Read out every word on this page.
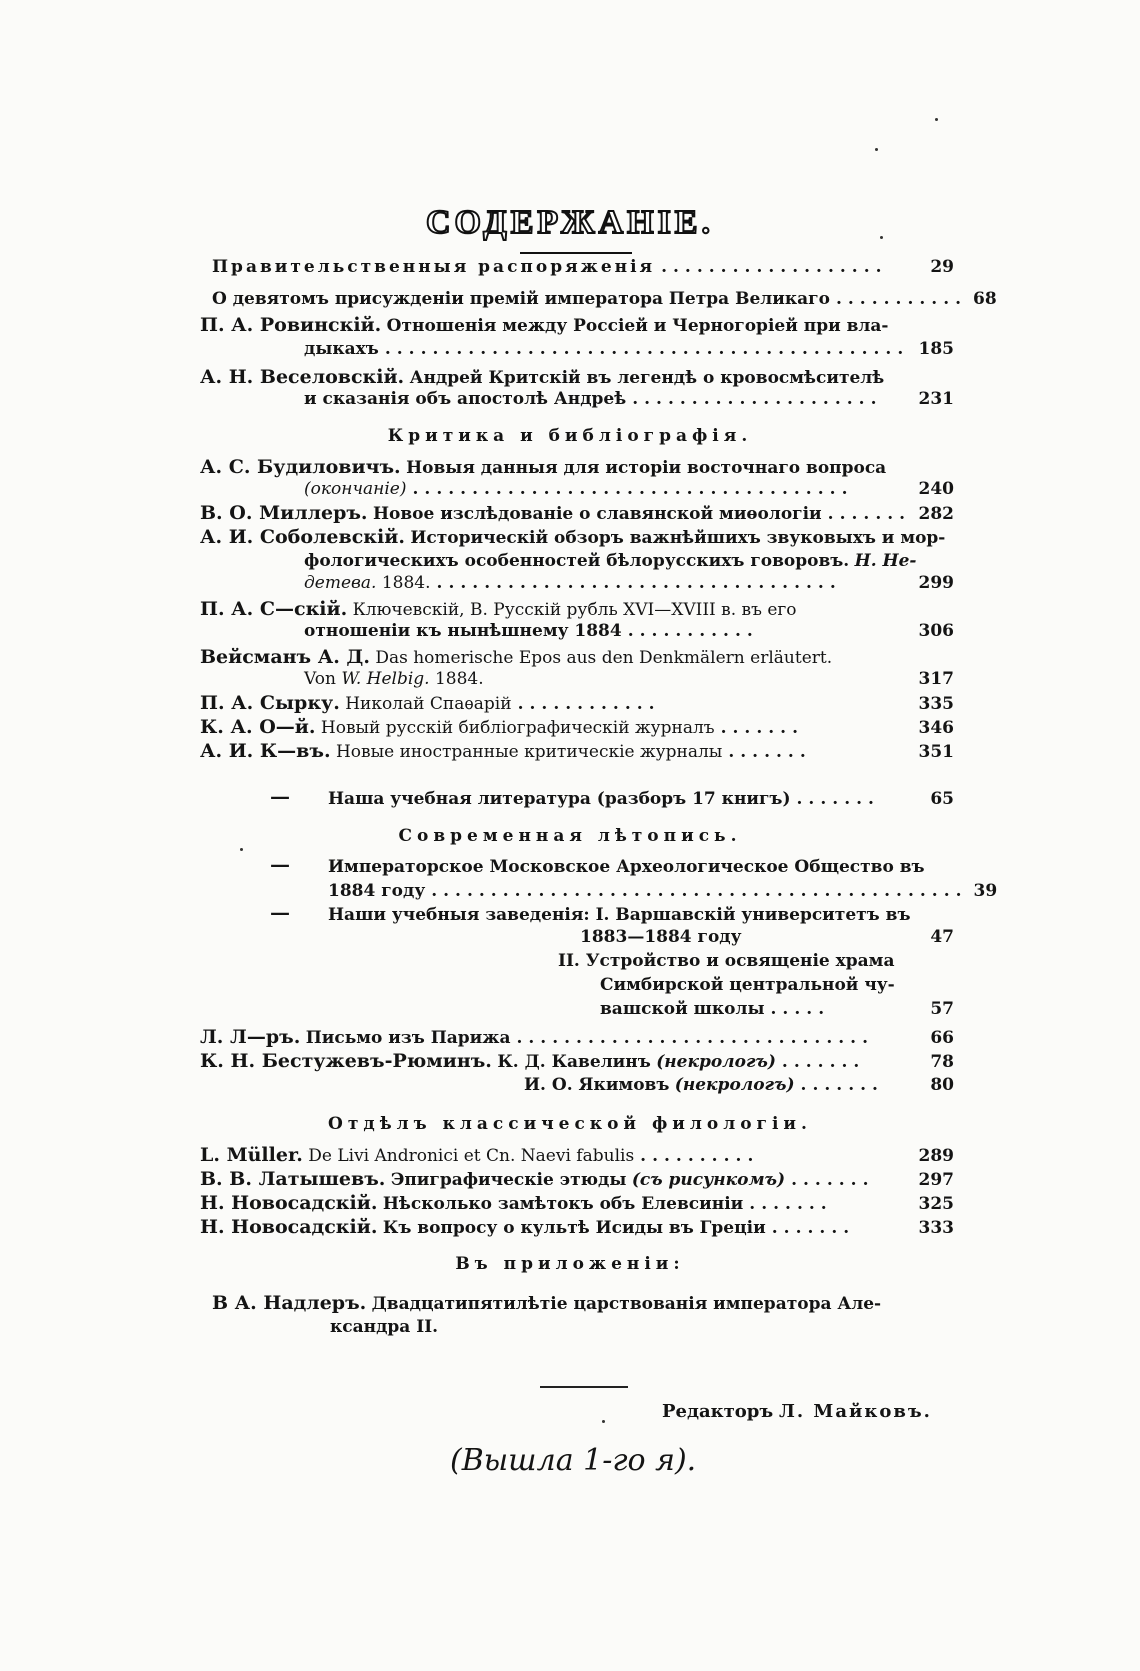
СОДЕРЖАНІЕ.
Правительственныя распоряженія ...................	29
О девятомъ присужденіи премій императора Петра Великаго ........... 68
П. А. Ровинскій. Отношенія между Россіей и Черногоріей при вла-
дыкахъ ............................................ 185
А. Н. Веселовскій. Андрей Критскій въ легендѣ о кровосмѣсителѣ
и сказанія объ апостолѣ Андреѣ .....................	231
Критика и библіографія.
А. С. Будиловичъ. Новыя данныя для исторіи восточнаго вопроса
(окончаніе) .....................................	240
В. О. Миллеръ. Новое изслѣдованіе о славянской миѳологіи ....... 282
А. И. Соболевскій. Историческій обзоръ важнѣйшихъ звуковыхъ и мор-
фологическихъ особенностей бѣлорусскихъ говоровъ. Н. Не-
детева. 1884. ..................................	299
П. А. С—скій. Ключевскій, В. Русскій рубль XVI—XVIII в. въ его
отношеніи къ нынѣшнему 1884 ...........	306
Вейсманъ А. Д. Das homerische Epos aus den Denkmälern erläutert.
Von W. Helbig. 1884.	317
П. А. Сырку. Николай Спаѳарій ............	335
К. А. О—й. Новый русскій библіографическій журналъ .......	346
А. И. К—въ. Новые иностранные критическіе журналы .......	351
— Наша учебная литература (разборъ 17 книгъ) .......	65
Современная лѣтопись.
— Императорское Московское Археологическое Общество въ
1884 году ............................................. 39
— Наши учебныя заведенія: I. Варшавскій университетъ въ
1883—1884 году	47
II. Устройство и освященіе храма
Симбирской центральной чу-
вашской школы .....	57
Л. Л—ръ. Письмо изъ Парижа ..............................	66
К. Н. Бестужевъ-Рюминъ. К. Д. Кавелинъ (некрологъ) .......	78
И. О. Якимовъ (некрологъ) .......	80
Отдѣлъ классической филологіи.
L. Müller. De Livi Andronici et Cn. Naevi fabulis ..........	289
В. В. Латышевъ. Эпиграфическіе этюды (съ рисункомъ) .......	297
Н. Новосадскій. Нѣсколько замѣтокъ объ Елевсиніи .......	325
Н. Новосадскій. Къ вопросу о культѣ Исиды въ Греціи .......	333
Въ приложеніи:
В А. Надлеръ. Двадцатипятилѣтіе царствованія императора Але-
ксандра II.
Редакторъ Л. Майковъ.
(Вышла 1-го я).
